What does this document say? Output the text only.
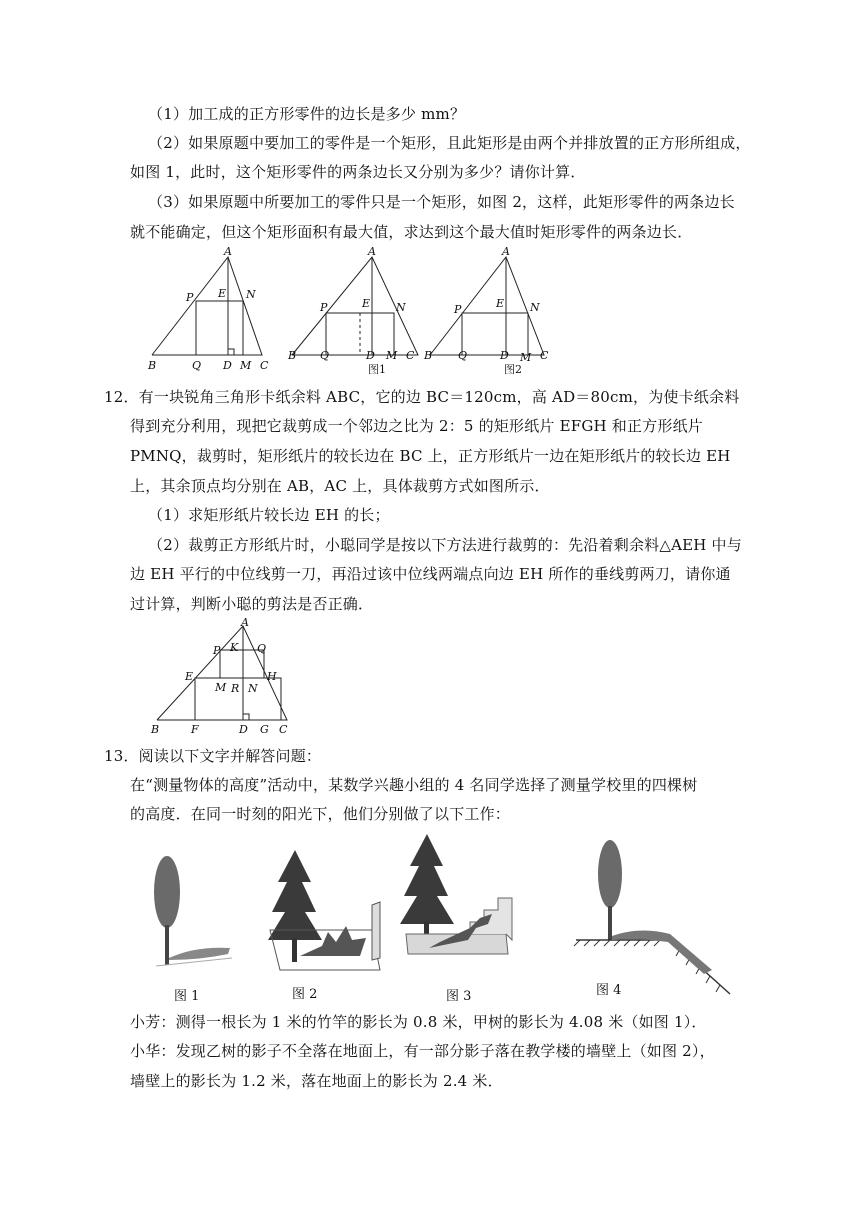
（1）加工成的正方形零件的边长是多少 mm？
（2）如果原题中要加工的零件是一个矩形，且此矩形是由两个并排放置的正方形所组成，
如图 1，此时，这个矩形零件的两条边长又分别为多少？请你计算．
（3）如果原题中所要加工的零件只是一个矩形，如图 2，这样，此矩形零件的两条边长
就不能确定，但这个矩形面积有最大值，求达到这个最大值时矩形零件的两条边长．
A
P E N
B	Q D M C
A
P	E N
B Q	D M C
A
P	E N
B Q	D M C
图1	图2
12．有一块锐角三角形卡纸余料 ABC，它的边 BC＝120cm，高 AD＝80cm，为使卡纸余料
得到充分利用，现把它裁剪成一个邻边之比为 2：5 的矩形纸片 EFGH 和正方形纸片
PMNQ，裁剪时，矩形纸片的较长边在 BC 上，正方形纸片一边在矩形纸片的较长边 EH
上，其余顶点均分别在 AB，AC 上，具体裁剪方式如图所示．
（1）求矩形纸片较长边 EH 的长；
（2）裁剪正方形纸片时，小聪同学是按以下方法进行裁剪的：先沿着剩余料△AEH 中与
边 EH 平行的中位线剪一刀，再沿过该中位线两端点向边 EH 所作的垂线剪两刀，请你通
过计算，判断小聪的剪法是否正确．
A
P K Q
E	H
M R N
B	F	D G C
13．阅读以下文字并解答问题：
在“测量物体的高度”活动中，某数学兴趣小组的 4 名同学选择了测量学校里的四棵树
的高度．在同一时刻的阳光下，他们分别做了以下工作：
图 1	图 2	图 3	图 4
小芳：测得一根长为 1 米的竹竿的影长为 0.8 米，甲树的影长为 4.08 米（如图 1）．
小华：发现乙树的影子不全落在地面上，有一部分影子落在教学楼的墙壁上（如图 2），
墙壁上的影长为 1.2 米，落在地面上的影长为 2.4 米．
